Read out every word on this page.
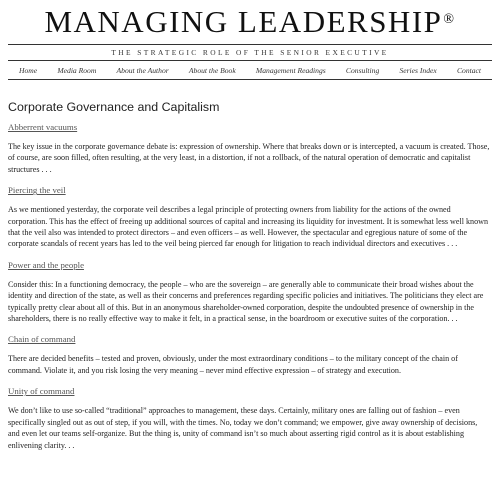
MANAGING LEADERSHIP®
THE STRATEGIC ROLE OF THE SENIOR EXECUTIVE
Home	Media Room	About the Author	About the Book	Management Readings	Consulting	Series Index	Contact
Corporate Governance and Capitalism
Abberrent vacuums

The key issue in the corporate governance debate is: expression of ownership. Where that breaks down or is intercepted, a vacuum is created. Those, of course, are soon filled, often resulting, at the very least, in a distortion, if not a rollback, of the natural operation of democratic and capitalist structures . . .

Piercing the veil

As we mentioned yesterday, the corporate veil describes a legal principle of protecting owners from liability for the actions of the owned corporation. This has the effect of freeing up additional sources of capital and increasing its liquidity for investment. It is somewhat less well known that the veil also was intended to protect directors – and even officers – as well. However, the spectacular and egregious nature of some of the corporate scandals of recent years has led to the veil being pierced far enough for litigation to reach individual directors and executives . . .

Power and the people

Consider this: In a functioning democracy, the people – who are the sovereign – are generally able to communicate their broad wishes about the identity and direction of the state, as well as their concerns and preferences regarding specific policies and initiatives. The politicians they elect are typically pretty clear about all of this. But in an anonymous shareholder-owned corporation, despite the undoubted presence of ownership in the shareholders, there is no really effective way to make it felt, in a practical sense, in the boardroom or executive suites of the corporation. . .

Chain of command

There are decided benefits – tested and proven, obviously, under the most extraordinary conditions – to the military concept of the chain of command. Violate it, and you risk losing the very meaning – never mind effective expression – of strategy and execution.

Unity of command

We don’t like to use so-called “traditional” approaches to management, these days. Certainly, military ones are falling out of fashion – even specifically singled out as out of step, if you will, with the times. No, today we don’t command; we empower, give away ownership of decisions, and even let our teams self-organize. But the thing is, unity of command isn’t so much about asserting rigid control as it is about establishing enlivening clarity. . .
